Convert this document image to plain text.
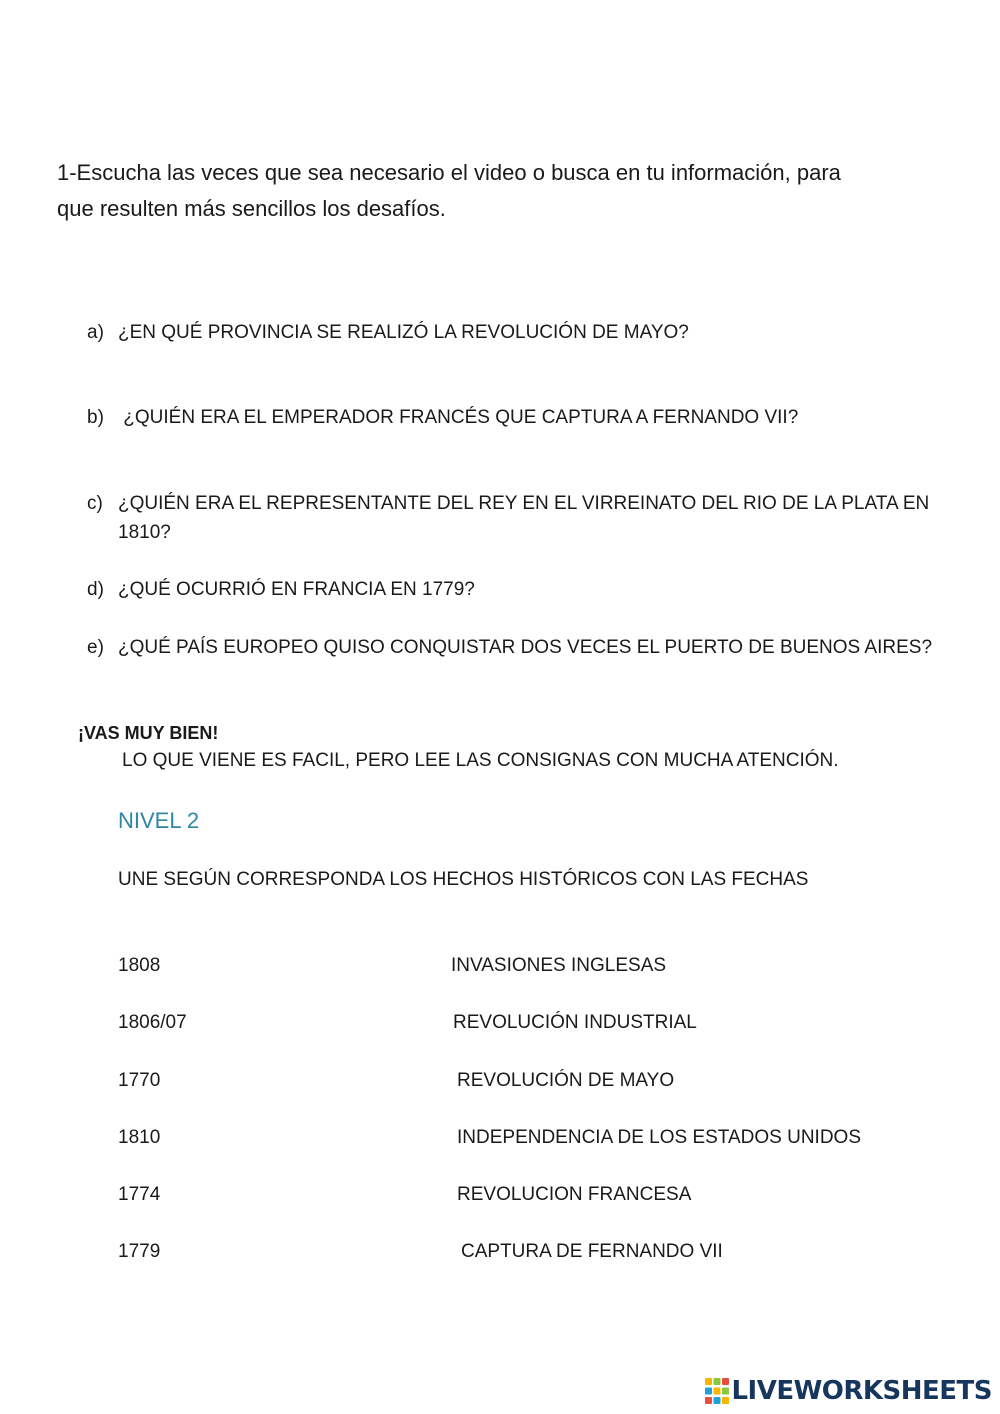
1-Escucha las veces que sea necesario el video o busca en tu información, para
que resulten más sencillos los desafíos.
a) ¿EN QUÉ PROVINCIA SE REALIZÓ LA REVOLUCIÓN DE MAYO?
b) ¿QUIÉN ERA EL EMPERADOR FRANCÉS QUE CAPTURA A FERNANDO VII?
c) ¿QUIÉN ERA EL REPRESENTANTE DEL REY EN EL VIRREINATO DEL RIO DE LA PLATA EN 1810?
d) ¿QUÉ OCURRIÓ EN FRANCIA EN 1779?
e) ¿QUÉ PAÍS EUROPEO QUISO CONQUISTAR DOS VECES EL PUERTO DE BUENOS AIRES?
¡VAS MUY BIEN!
LO QUE VIENE ES FACIL, PERO LEE LAS CONSIGNAS CON MUCHA ATENCIÓN.
NIVEL 2
UNE SEGÚN CORRESPONDA LOS HECHOS HISTÓRICOS CON LAS FECHAS
1808	INVASIONES INGLESAS
1806/07	REVOLUCIÓN INDUSTRIAL
1770	REVOLUCIÓN DE MAYO
1810	INDEPENDENCIA DE LOS ESTADOS UNIDOS
1774	REVOLUCION FRANCESA
1779	CAPTURA DE FERNANDO VII
LIVEWORKSHEETS
